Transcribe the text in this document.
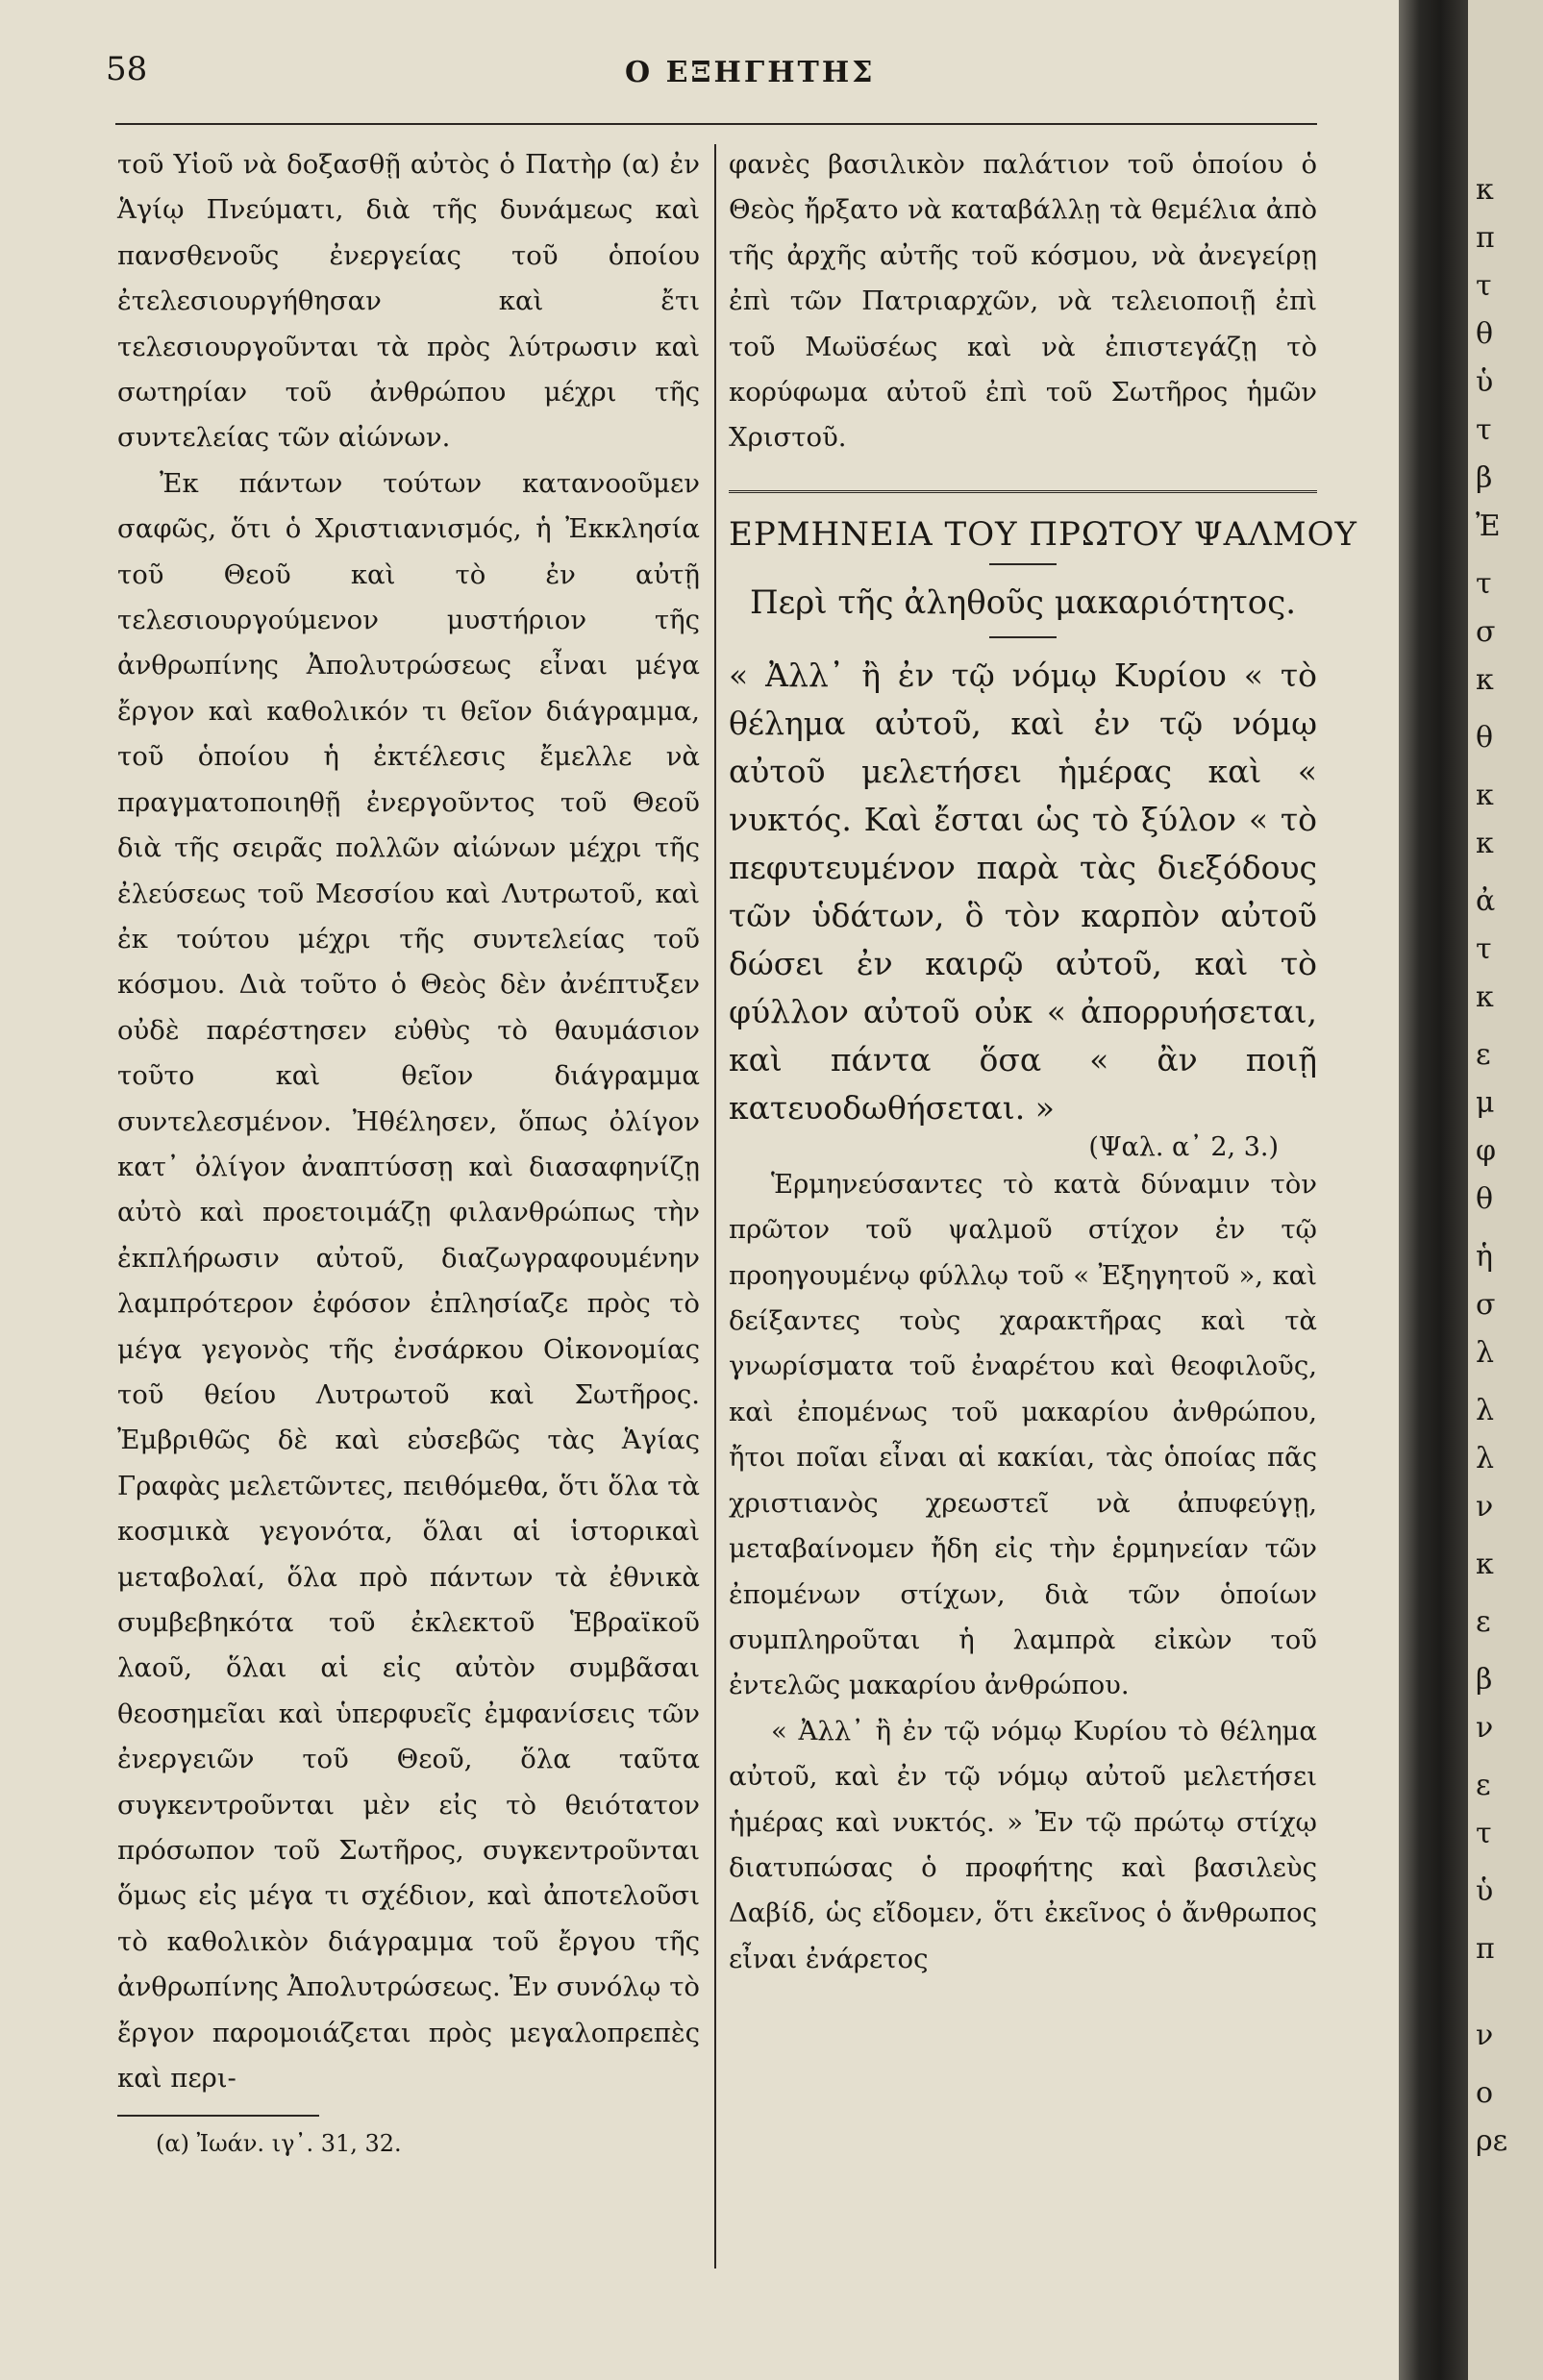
58	Ο ΕΞΗΓΗΤΗΣ

τοῦ Υἱοῦ νὰ δοξασθῇ αὐτὸς ὁ Πατὴρ (α) ἐν Ἁγίῳ Πνεύματι, διὰ τῆς δυνάμεως καὶ πανσθενοῦς ἐνεργείας τοῦ ὁποίου ἐτελεσιουργήθησαν καὶ ἔτι τελεσιουργοῦνται τὰ πρὸς λύτρωσιν καὶ σωτηρίαν τοῦ ἀνθρώπου μέχρι τῆς συντελείας τῶν αἰώνων.

Ἐκ πάντων τούτων κατανοοῦμεν σαφῶς, ὅτι ὁ Χριστιανισμός, ἡ Ἐκκλησία τοῦ Θεοῦ καὶ τὸ ἐν αὐτῇ τελεσιουργούμενον μυστήριον τῆς ἀνθρωπίνης Ἀπολυτρώσεως εἶναι μέγα ἔργον καὶ καθολικόν τι θεῖον διάγραμμα, τοῦ ὁποίου ἡ ἐκτέλεσις ἔμελλε νὰ πραγματοποιηθῇ ἐνεργοῦντος τοῦ Θεοῦ διὰ τῆς σειρᾶς πολλῶν αἰώνων μέχρι τῆς ἐλεύσεως τοῦ Μεσσίου καὶ Λυτρωτοῦ, καὶ ἐκ τούτου μέχρι τῆς συντελείας τοῦ κόσμου. Διὰ τοῦτο ὁ Θεὸς δὲν ἀνέπτυξεν οὐδὲ παρέστησεν εὐθὺς τὸ θαυμάσιον τοῦτο καὶ θεῖον διάγραμμα συντελεσμένον. Ἠθέλησεν, ὅπως ὀλίγον κατ᾽ ὀλίγον ἀναπτύσσῃ καὶ διασαφηνίζῃ αὐτὸ καὶ προετοιμάζῃ φιλανθρώπως τὴν ἐκπλήρωσιν αὐτοῦ, διαζωγραφουμένην λαμπρότερον ἐφόσον ἐπλησίαζε πρὸς τὸ μέγα γεγονὸς τῆς ἐνσάρκου Οἰκονομίας τοῦ θείου Λυτρωτοῦ καὶ Σωτῆρος. Ἐμβριθῶς δὲ καὶ εὐσεβῶς τὰς Ἁγίας Γραφὰς μελετῶντες, πειθόμεθα, ὅτι ὅλα τὰ κοσμικὰ γεγονότα, ὅλαι αἱ ἱστορικαὶ μεταβολαί, ὅλα πρὸ πάντων τὰ ἐθνικὰ συμβεβηκότα τοῦ ἐκλεκτοῦ Ἑβραϊκοῦ λαοῦ, ὅλαι αἱ εἰς αὐτὸν συμβᾶσαι θεοσημεῖαι καὶ ὑπερφυεῖς ἐμφανίσεις τῶν ἐνεργειῶν τοῦ Θεοῦ, ὅλα ταῦτα συγκεντροῦνται μὲν εἰς τὸ θειότατον πρόσωπον τοῦ Σωτῆρος, συγκεντροῦνται ὅμως εἰς μέγα τι σχέδιον, καὶ ἀποτελοῦσι τὸ καθολικὸν διάγραμμα τοῦ ἔργου τῆς ἀνθρωπίνης Ἀπολυτρώσεως. Ἐν συνόλῳ τὸ ἔργον παρομοιάζεται πρὸς μεγαλοπρεπὲς καὶ περι-

(α) Ἰωάν. ιγ᾽. 31, 32.

φανὲς βασιλικὸν παλάτιον τοῦ ὁποίου ὁ Θεὸς ἤρξατο νὰ καταβάλλῃ τὰ θεμέλια ἀπὸ τῆς ἀρχῆς αὐτῆς τοῦ κόσμου, νὰ ἀνεγείρῃ ἐπὶ τῶν Πατριαρχῶν, νὰ τελειοποιῇ ἐπὶ τοῦ Μωϋσέως καὶ νὰ ἐπιστεγάζῃ τὸ κορύφωμα αὐτοῦ ἐπὶ τοῦ Σωτῆρος ἡμῶν Χριστοῦ.

ΕΡΜΗΝΕΙΑ ΤΟΥ ΠΡΩΤΟΥ ΨΑΛΜΟΥ
Περὶ τῆς ἀληθοῦς μακαριότητος.

« Ἀλλ᾽ ἢ ἐν τῷ νόμῳ Κυρίου « τὸ θέλημα αὐτοῦ, καὶ ἐν τῷ νόμῳ αὐτοῦ μελετήσει ἡμέρας καὶ « νυκτός. Καὶ ἔσται ὡς τὸ ξύλον « τὸ πεφυτευμένον παρὰ τὰς διεξόδους τῶν ὑδάτων, ὃ τὸν καρπὸν αὐτοῦ δώσει ἐν καιρῷ αὐτοῦ, καὶ τὸ φύλλον αὐτοῦ οὐκ « ἀπορρυήσεται, καὶ πάντα ὅσα « ἂν ποιῇ κατευοδωθήσεται. »

(Ψαλ. α᾽ 2, 3.)

Ἑρμηνεύσαντες τὸ κατὰ δύναμιν τὸν πρῶτον τοῦ ψαλμοῦ στίχον ἐν τῷ προηγουμένῳ φύλλῳ τοῦ « Ἐξηγητοῦ », καὶ δείξαντες τοὺς χαρακτῆρας καὶ τὰ γνωρίσματα τοῦ ἐναρέτου καὶ θεοφιλοῦς, καὶ ἐπομένως τοῦ μακαρίου ἀνθρώπου, ἤτοι ποῖαι εἶναι αἱ κακίαι, τὰς ὁποίας πᾶς χριστιανὸς χρεωστεῖ νὰ ἀπυφεύγῃ, μεταβαίνομεν ἤδη εἰς τὴν ἑρμηνείαν τῶν ἐπομένων στίχων, διὰ τῶν ὁποίων συμπληροῦται ἡ λαμπρὰ εἰκὼν τοῦ ἐντελῶς μακαρίου ἀνθρώπου.

« Ἀλλ᾽ ἢ ἐν τῷ νόμῳ Κυρίου τὸ θέλημα αὐτοῦ, καὶ ἐν τῷ νόμῳ αὐτοῦ μελετήσει ἡμέρας καὶ νυκτός. » Ἐν τῷ πρώτῳ στίχῳ διατυπώσας ὁ προφήτης καὶ βασιλεὺς Δαβίδ, ὡς εἴδομεν, ὅτι ἐκεῖνος ὁ ἄνθρωπος εἶναι ἐνάρετος

κ
π
τ
θ
ὑ
τ
β
Ἐ
τ
σ
κ
θ
κ
κ
ἀ
τ
κ
ε
μ
φ
θ
ἡ
σ
λ
λ
λ
ν
κ
ε
β
ν
ε
τ
ὑ
π
ν
ο
ρε
